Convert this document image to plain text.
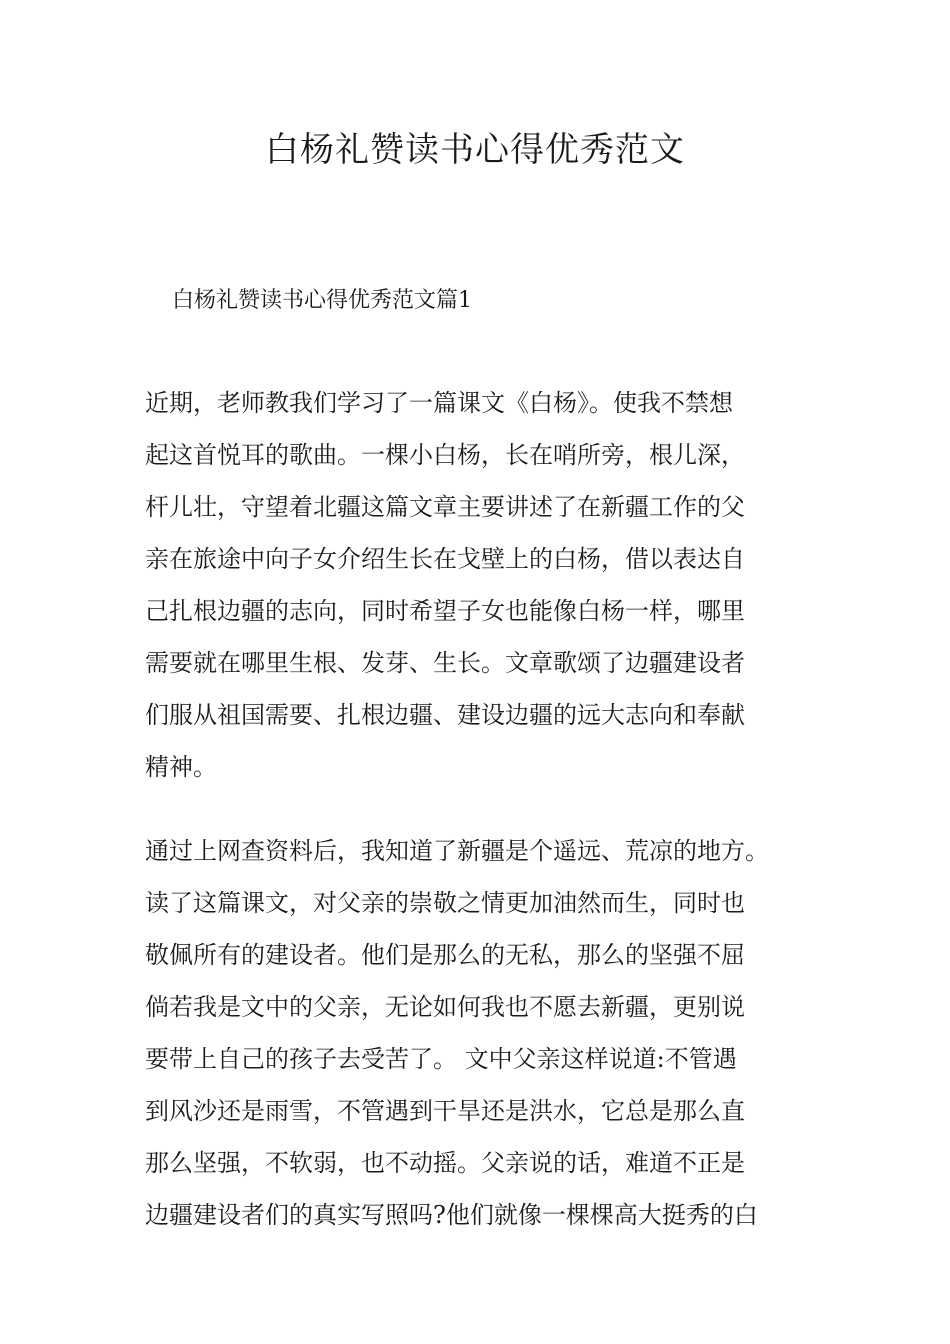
白杨礼赞读书心得优秀范文
白杨礼赞读书心得优秀范文篇1
近期，老师教我们学习了一篇课文《白杨》。使我不禁想
起这首悦耳的歌曲。一棵小白杨，长在哨所旁，根儿深，
杆儿壮，守望着北疆这篇文章主要讲述了在新疆工作的父
亲在旅途中向子女介绍生长在戈壁上的白杨，借以表达自
己扎根边疆的志向，同时希望子女也能像白杨一样，哪里
需要就在哪里生根、发芽、生长。文章歌颂了边疆建设者
们服从祖国需要、扎根边疆、建设边疆的远大志向和奉献
精神。
通过上网查资料后，我知道了新疆是个遥远、荒凉的地方。
读了这篇课文，对父亲的崇敬之情更加油然而生，同时也
敬佩所有的建设者。他们是那么的无私，那么的坚强不屈
倘若我是文中的父亲，无论如何我也不愿去新疆，更别说
要带上自己的孩子去受苦了。 文中父亲这样说道:不管遇
到风沙还是雨雪，不管遇到干旱还是洪水，它总是那么直
那么坚强，不软弱，也不动摇。父亲说的话，难道不正是
边疆建设者们的真实写照吗?他们就像一棵棵高大挺秀的白
